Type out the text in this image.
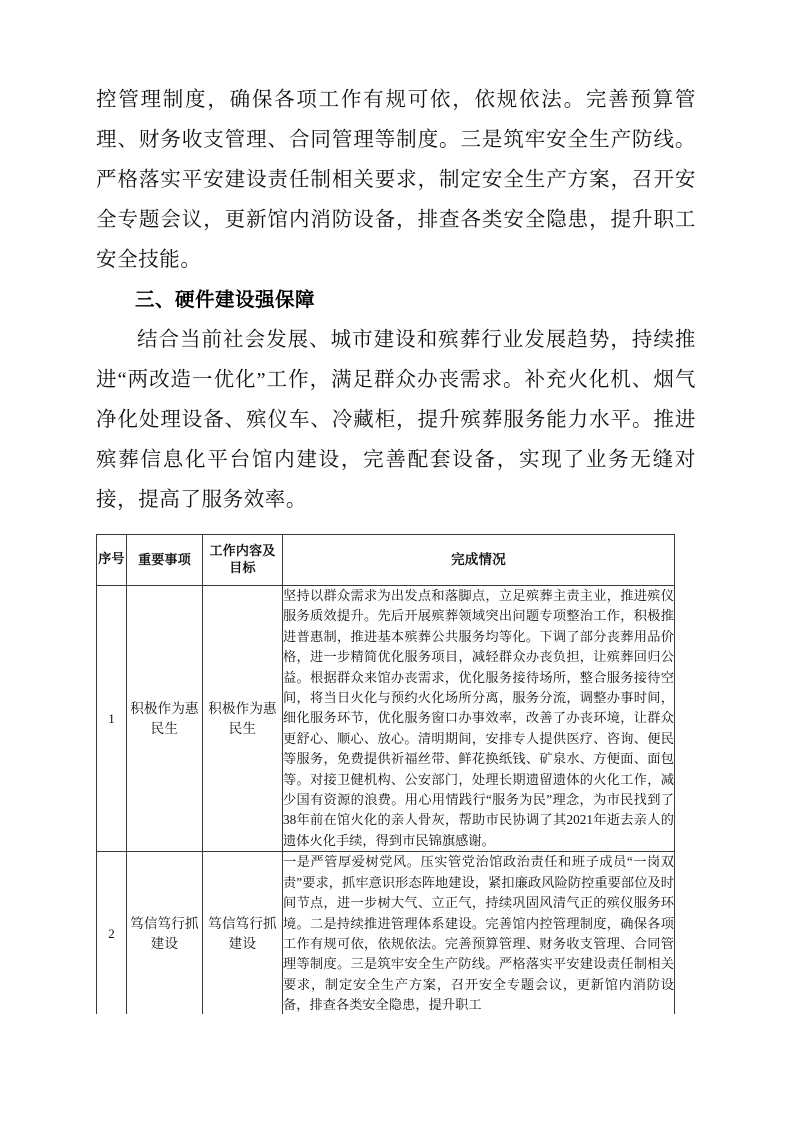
控管理制度，确保各项工作有规可依，依规依法。完善预算管理、财务收支管理、合同管理等制度。三是筑牢安全生产防线。严格落实平安建设责任制相关要求，制定安全生产方案，召开安全专题会议，更新馆内消防设备，排查各类安全隐患，提升职工安全技能。

三、硬件建设强保障

结合当前社会发展、城市建设和殡葬行业发展趋势，持续推进“两改造一优化”工作，满足群众办丧需求。补充火化机、烟气净化处理设备、殡仪车、冷藏柜，提升殡葬服务能力水平。推进殡葬信息化平台馆内建设，完善配套设备，实现了业务无缝对接，提高了服务效率。

序号	重要事项	工作内容及目标	完成情况
1	积极作为惠民生	积极作为惠民生	坚持以群众需求为出发点和落脚点，立足殡葬主责主业，推进殡仪服务质效提升。先后开展殡葬领域突出问题专项整治工作，积极推进普惠制，推进基本殡葬公共服务均等化。下调了部分丧葬用品价格，进一步精简优化服务项目，减轻群众办丧负担，让殡葬回归公益。根据群众来馆办丧需求，优化服务接待场所，整合服务接待空间，将当日火化与预约火化场所分离，服务分流，调整办事时间，细化服务环节，优化服务窗口办事效率，改善了办丧环境，让群众更舒心、顺心、放心。清明期间，安排专人提供医疗、咨询、便民等服务，免费提供祈福丝带、鲜花换纸钱、矿泉水、方便面、面包等。对接卫健机构、公安部门，处理长期遗留遗体的火化工作，减少国有资源的浪费。用心用情践行“服务为民”理念，为市民找到了38年前在馆火化的亲人骨灰，帮助市民协调了其2021年逝去亲人的遗体火化手续，得到市民锦旗感谢。
2	笃信笃行抓建设	笃信笃行抓建设	一是严管厚爱树党风。压实管党治馆政治责任和班子成员“一岗双责”要求，抓牢意识形态阵地建设，紧扣廉政风险防控重要部位及时间节点，进一步树大气、立正气，持续巩固风清气正的殡仪服务环境。二是持续推进管理体系建设。完善馆内控管理制度，确保各项工作有规可依，依规依法。完善预算管理、财务收支管理、合同管理等制度。三是筑牢安全生产防线。严格落实平安建设责任制相关要求，制定安全生产方案，召开安全专题会议，更新馆内消防设备，排查各类安全隐患，提升职工
